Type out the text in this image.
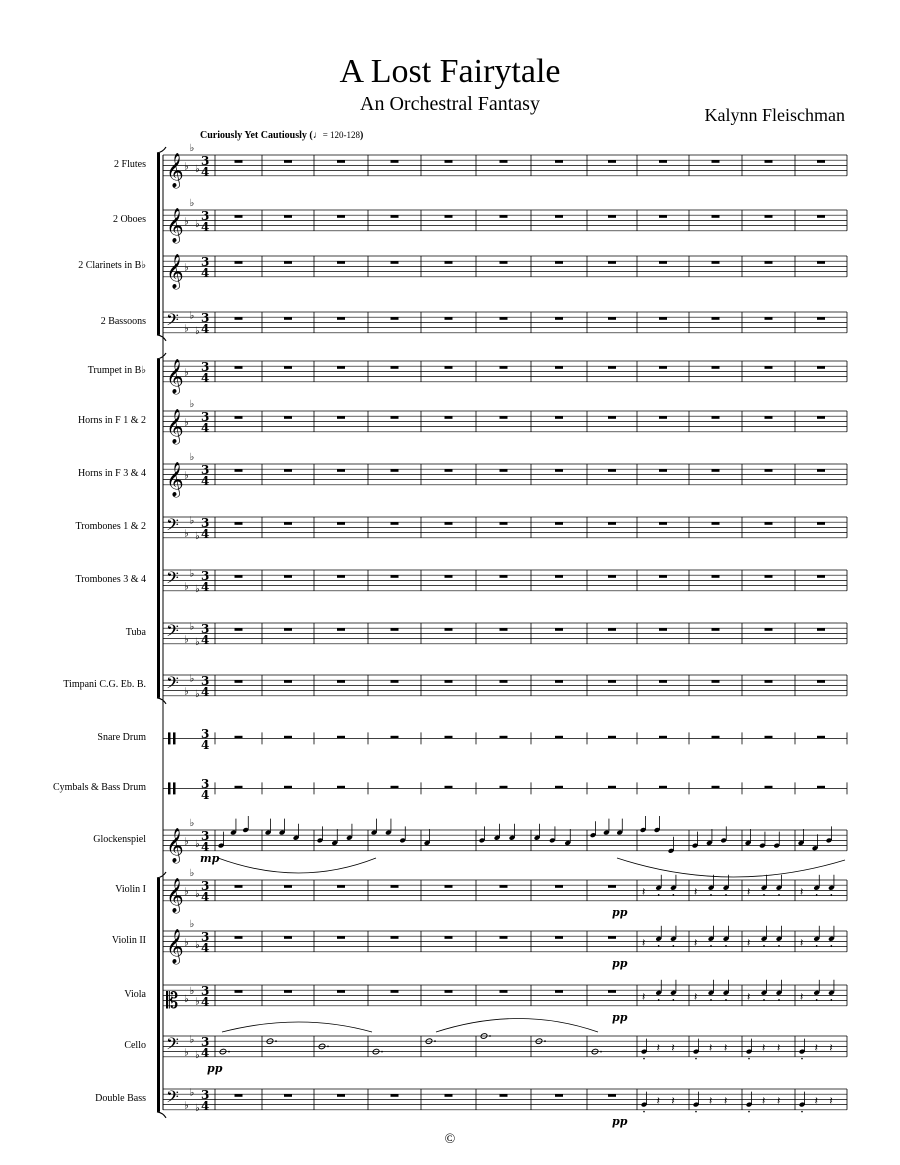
A Lost Fairytale
An Orchestral Fantasy	Kalynn Fleischman
Curiously Yet Cautiously (♩= 120-128)
2 Flutes
2 Oboes
2 Clarinets in B♭
2 Bassoons
Trumpet in B♭
Horns in F 1 & 2
Horns in F 3 & 4
Trombones 1 & 2
Trombones 3 & 4
Tuba
Timpani C.G. Eb. B.
Snare Drum
Cymbals & Bass Drum
Glockenspiel
Violin I
Violin II
Viola
Cello
Double Bass
𝄞 ♭
♭
♭
3
4
𝄞 ♭
♭
♭
3
4
𝄞 ♭ 3
4
𝄢 ♭
♭
♭
3
4
𝄞 ♭ 3
4
𝄞 ♭
♭
3
4
𝄞 ♭
♭
3
4
𝄢 ♭
♭
♭
3
4
𝄢 ♭
♭
♭
3
4
𝄢 ♭
♭
♭
3
4
𝄢 ♭
♭
♭
3
4
3
4
3
4
𝄞 ♭
♭
♭
3
4
𝄞 ♭
♭
♭
3
4
𝄞 ♭
♭
♭
3
4
𝄡 ♭
♭
♭
3
4
𝄢 ♭
♭
♭
3
4
𝄢 ♭
♭
♭
3
4
mp
𝄽	𝄽	𝄽	𝄽
pp
𝄽	𝄽	𝄽	𝄽
pp
𝄽	𝄽	𝄽	𝄽
pp
𝄽 𝄽	𝄽 𝄽	𝄽 𝄽	𝄽 𝄽
pp
𝄽 𝄽	𝄽 𝄽	𝄽 𝄽	𝄽 𝄽
pp
©
